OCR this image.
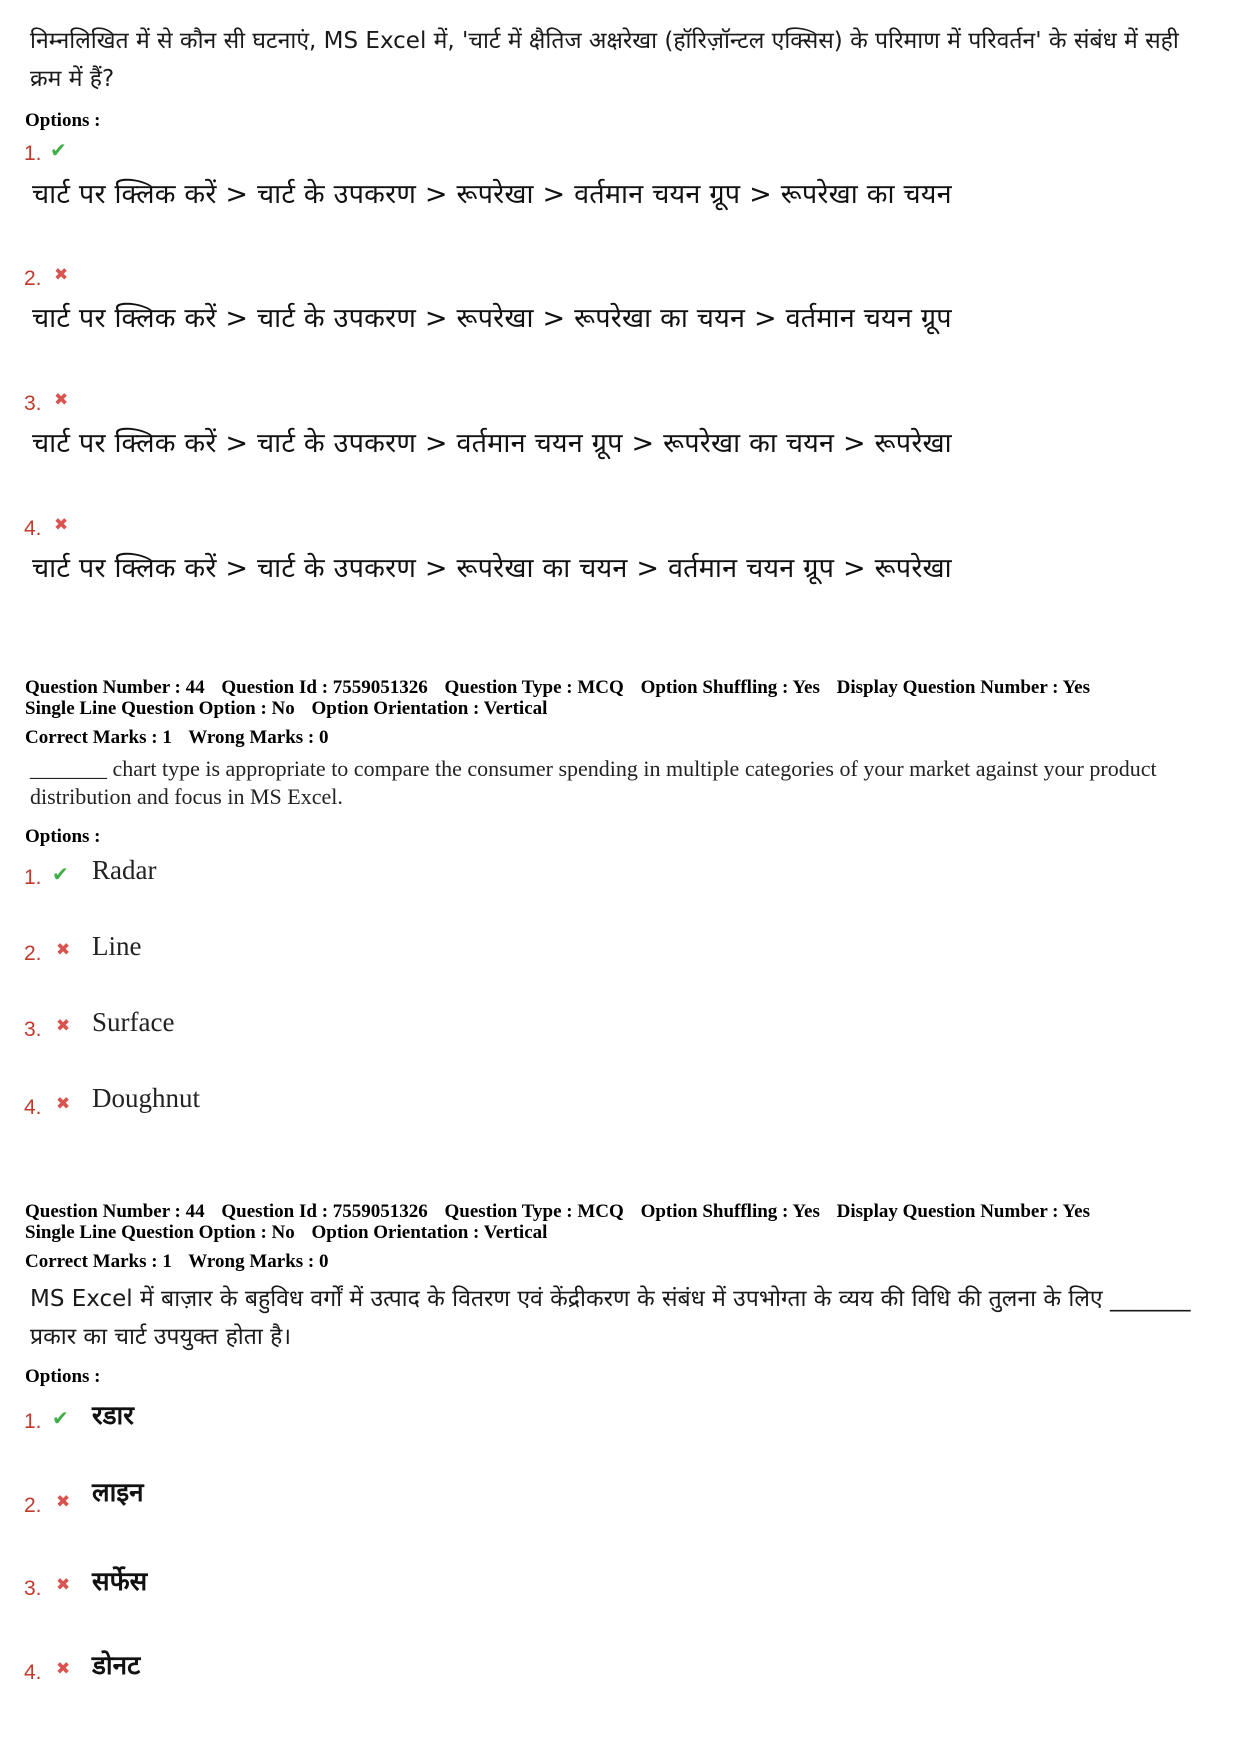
निम्नलिखित में से कौन सी घटनाएं, MS Excel में, 'चार्ट में क्षैतिज अक्षरेखा (हॉरिज़ॉन्टल एक्सिस) के परिमाण में परिवर्तन' के संबंध में सही क्रम में हैं?
Options :
1. ✔
चार्ट पर क्लिक करें > चार्ट के उपकरण > रूपरेखा > वर्तमान चयन ग्रूप > रूपरेखा का चयन
2. ✖
चार्ट पर क्लिक करें > चार्ट के उपकरण > रूपरेखा > रूपरेखा का चयन > वर्तमान चयन ग्रूप
3. ✖
चार्ट पर क्लिक करें > चार्ट के उपकरण > वर्तमान चयन ग्रूप > रूपरेखा का चयन > रूपरेखा
4. ✖
चार्ट पर क्लिक करें > चार्ट के उपकरण > रूपरेखा का चयन > वर्तमान चयन ग्रूप > रूपरेखा
Question Number : 44 Question Id : 7559051326 Question Type : MCQ Option Shuffling : Yes Display Question Number : Yes
Single Line Question Option : No Option Orientation : Vertical
Correct Marks : 1 Wrong Marks : 0
_______ chart type is appropriate to compare the consumer spending in multiple categories of your market against your product distribution and focus in MS Excel.
Options :
1. ✔ Radar
2. ✖ Line
3. ✖ Surface
4. ✖ Doughnut
Question Number : 44 Question Id : 7559051326 Question Type : MCQ Option Shuffling : Yes Display Question Number : Yes
Single Line Question Option : No Option Orientation : Vertical
Correct Marks : 1 Wrong Marks : 0
MS Excel में बाज़ार के बहुविध वर्गों में उत्पाद के वितरण एवं केंद्रीकरण के संबंध में उपभोग्ता के व्यय की विधि की तुलना के लिए _______ प्रकार का चार्ट उपयुक्त होता है।
Options :
1. ✔ रडार
2. ✖ लाइन
3. ✖ सर्फेस
4. ✖ डोनट
